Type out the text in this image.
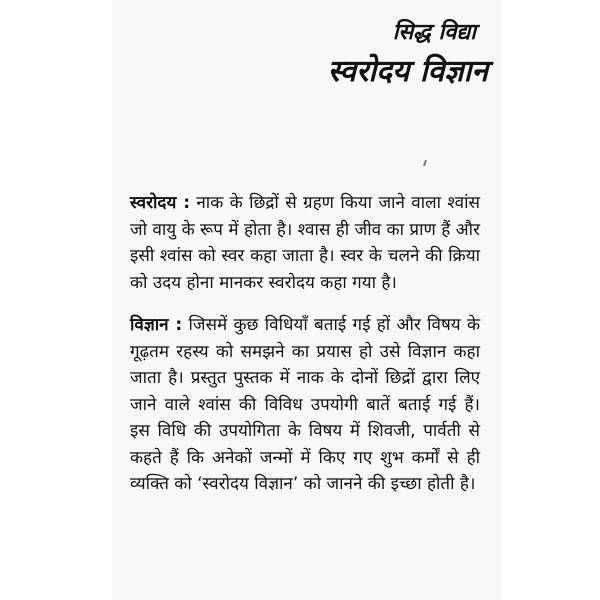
सिद्ध विद्या
स्वरोदय विज्ञान

स्वरोदय : नाक के छिद्रों से ग्रहण किया जाने वाला श्वांस जो वायु के रूप में होता है। श्वास ही जीव का प्राण हैं और इसी श्वांस को स्वर कहा जाता है। स्वर के चलने की क्रिया को उदय होना मानकर स्वरोदय कहा गया है।

विज्ञान : जिसमें कुछ विधियाँ बताई गई हों और विषय के गूढ़तम रहस्य को समझने का प्रयास हो उसे विज्ञान कहा जाता है। प्रस्तुत पुस्तक में नाक के दोनों छिद्रों द्वारा लिए जाने वाले श्वांस की विविध उपयोगी बातें बताई गई हैं। इस विधि की उपयोगिता के विषय में शिवजी, पार्वती से कहते हैं कि अनेकों जन्मों में किए गए शुभ कर्मों से ही व्यक्ति को ‘स्वरोदय विज्ञान’ को जानने की इच्छा होती है।
